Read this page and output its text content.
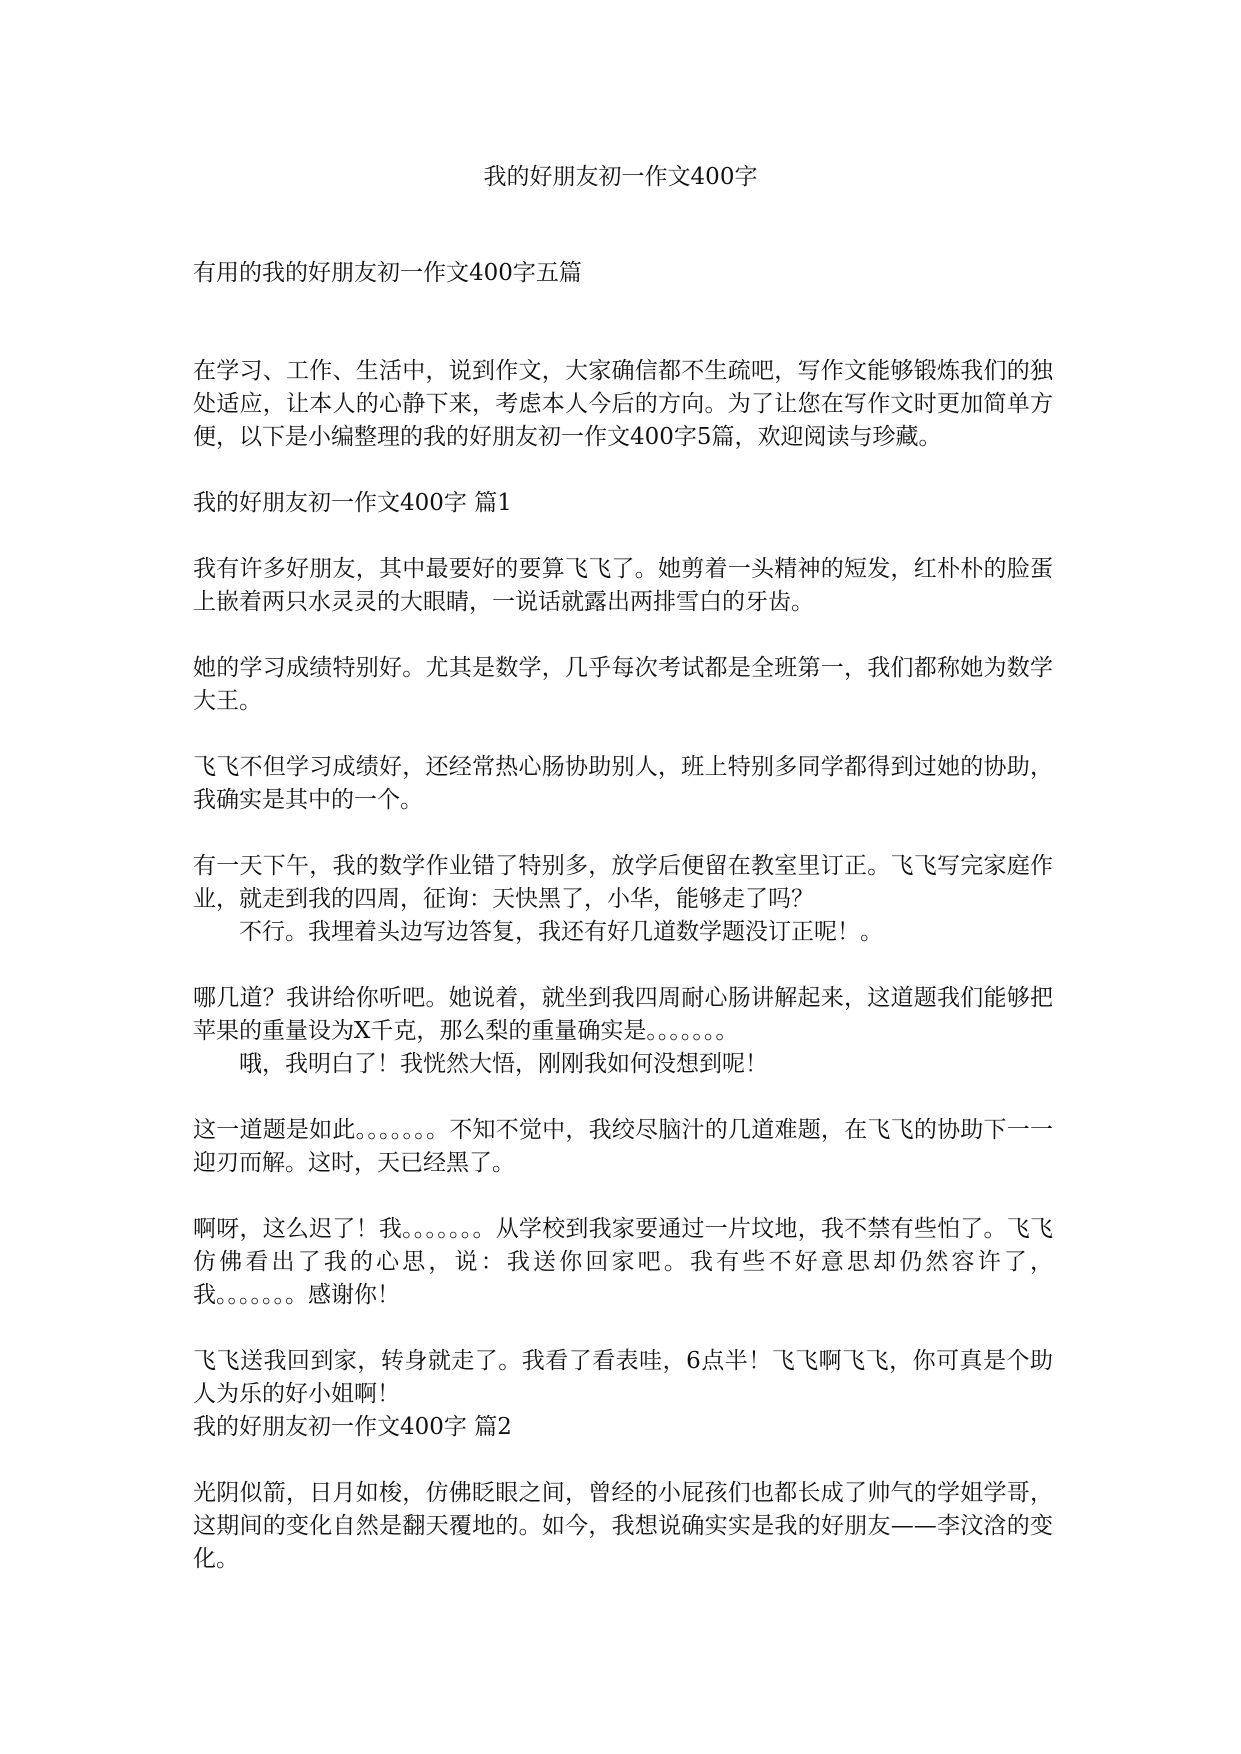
我的好朋友初一作文400字
有用的我的好朋友初一作文400字五篇

在学习、工作、生活中，说到作文，大家确信都不生疏吧，写作文能够锻炼我们的独处适应，让本人的心静下来，考虑本人今后的方向。为了让您在写作文时更加简单方便，以下是小编整理的我的好朋友初一作文400字5篇，欢迎阅读与珍藏。

我的好朋友初一作文400字 篇1

我有许多好朋友，其中最要好的要算飞飞了。她剪着一头精神的短发，红朴朴的脸蛋上嵌着两只水灵灵的大眼睛，一说话就露出两排雪白的牙齿。

她的学习成绩特别好。尤其是数学，几乎每次考试都是全班第一，我们都称她为数学大王。

飞飞不但学习成绩好，还经常热心肠协助别人，班上特别多同学都得到过她的协助，我确实是其中的一个。

有一天下午，我的数学作业错了特别多，放学后便留在教室里订正。飞飞写完家庭作业，就走到我的四周，征询：天快黑了，小华，能够走了吗？

不行。我埋着头边写边答复，我还有好几道数学题没订正呢！。

哪几道？我讲给你听吧。她说着，就坐到我四周耐心肠讲解起来，这道题我们能够把苹果的重量设为X千克，那么梨的重量确实是。。。。。。。

哦，我明白了！我恍然大悟，刚刚我如何没想到呢！

这一道题是如此。。。。。。。不知不觉中，我绞尽脑汁的几道难题，在飞飞的协助下一一迎刃而解。这时，天已经黑了。

啊呀，这么迟了！我。。。。。。。从学校到我家要通过一片坟地，我不禁有些怕了。飞飞仿佛看出了我的心思，说：我送你回家吧。我有些不好意思却仍然容许了，我。。。。。。。感谢你！

飞飞送我回到家，转身就走了。我看了看表哇，6点半！飞飞啊飞飞，你可真是个助人为乐的好小姐啊！

我的好朋友初一作文400字 篇2

光阴似箭，日月如梭，仿佛眨眼之间，曾经的小屁孩们也都长成了帅气的学姐学哥，这期间的变化自然是翻天覆地的。如今，我想说确实实是我的好朋友——李汶浛的变化。
